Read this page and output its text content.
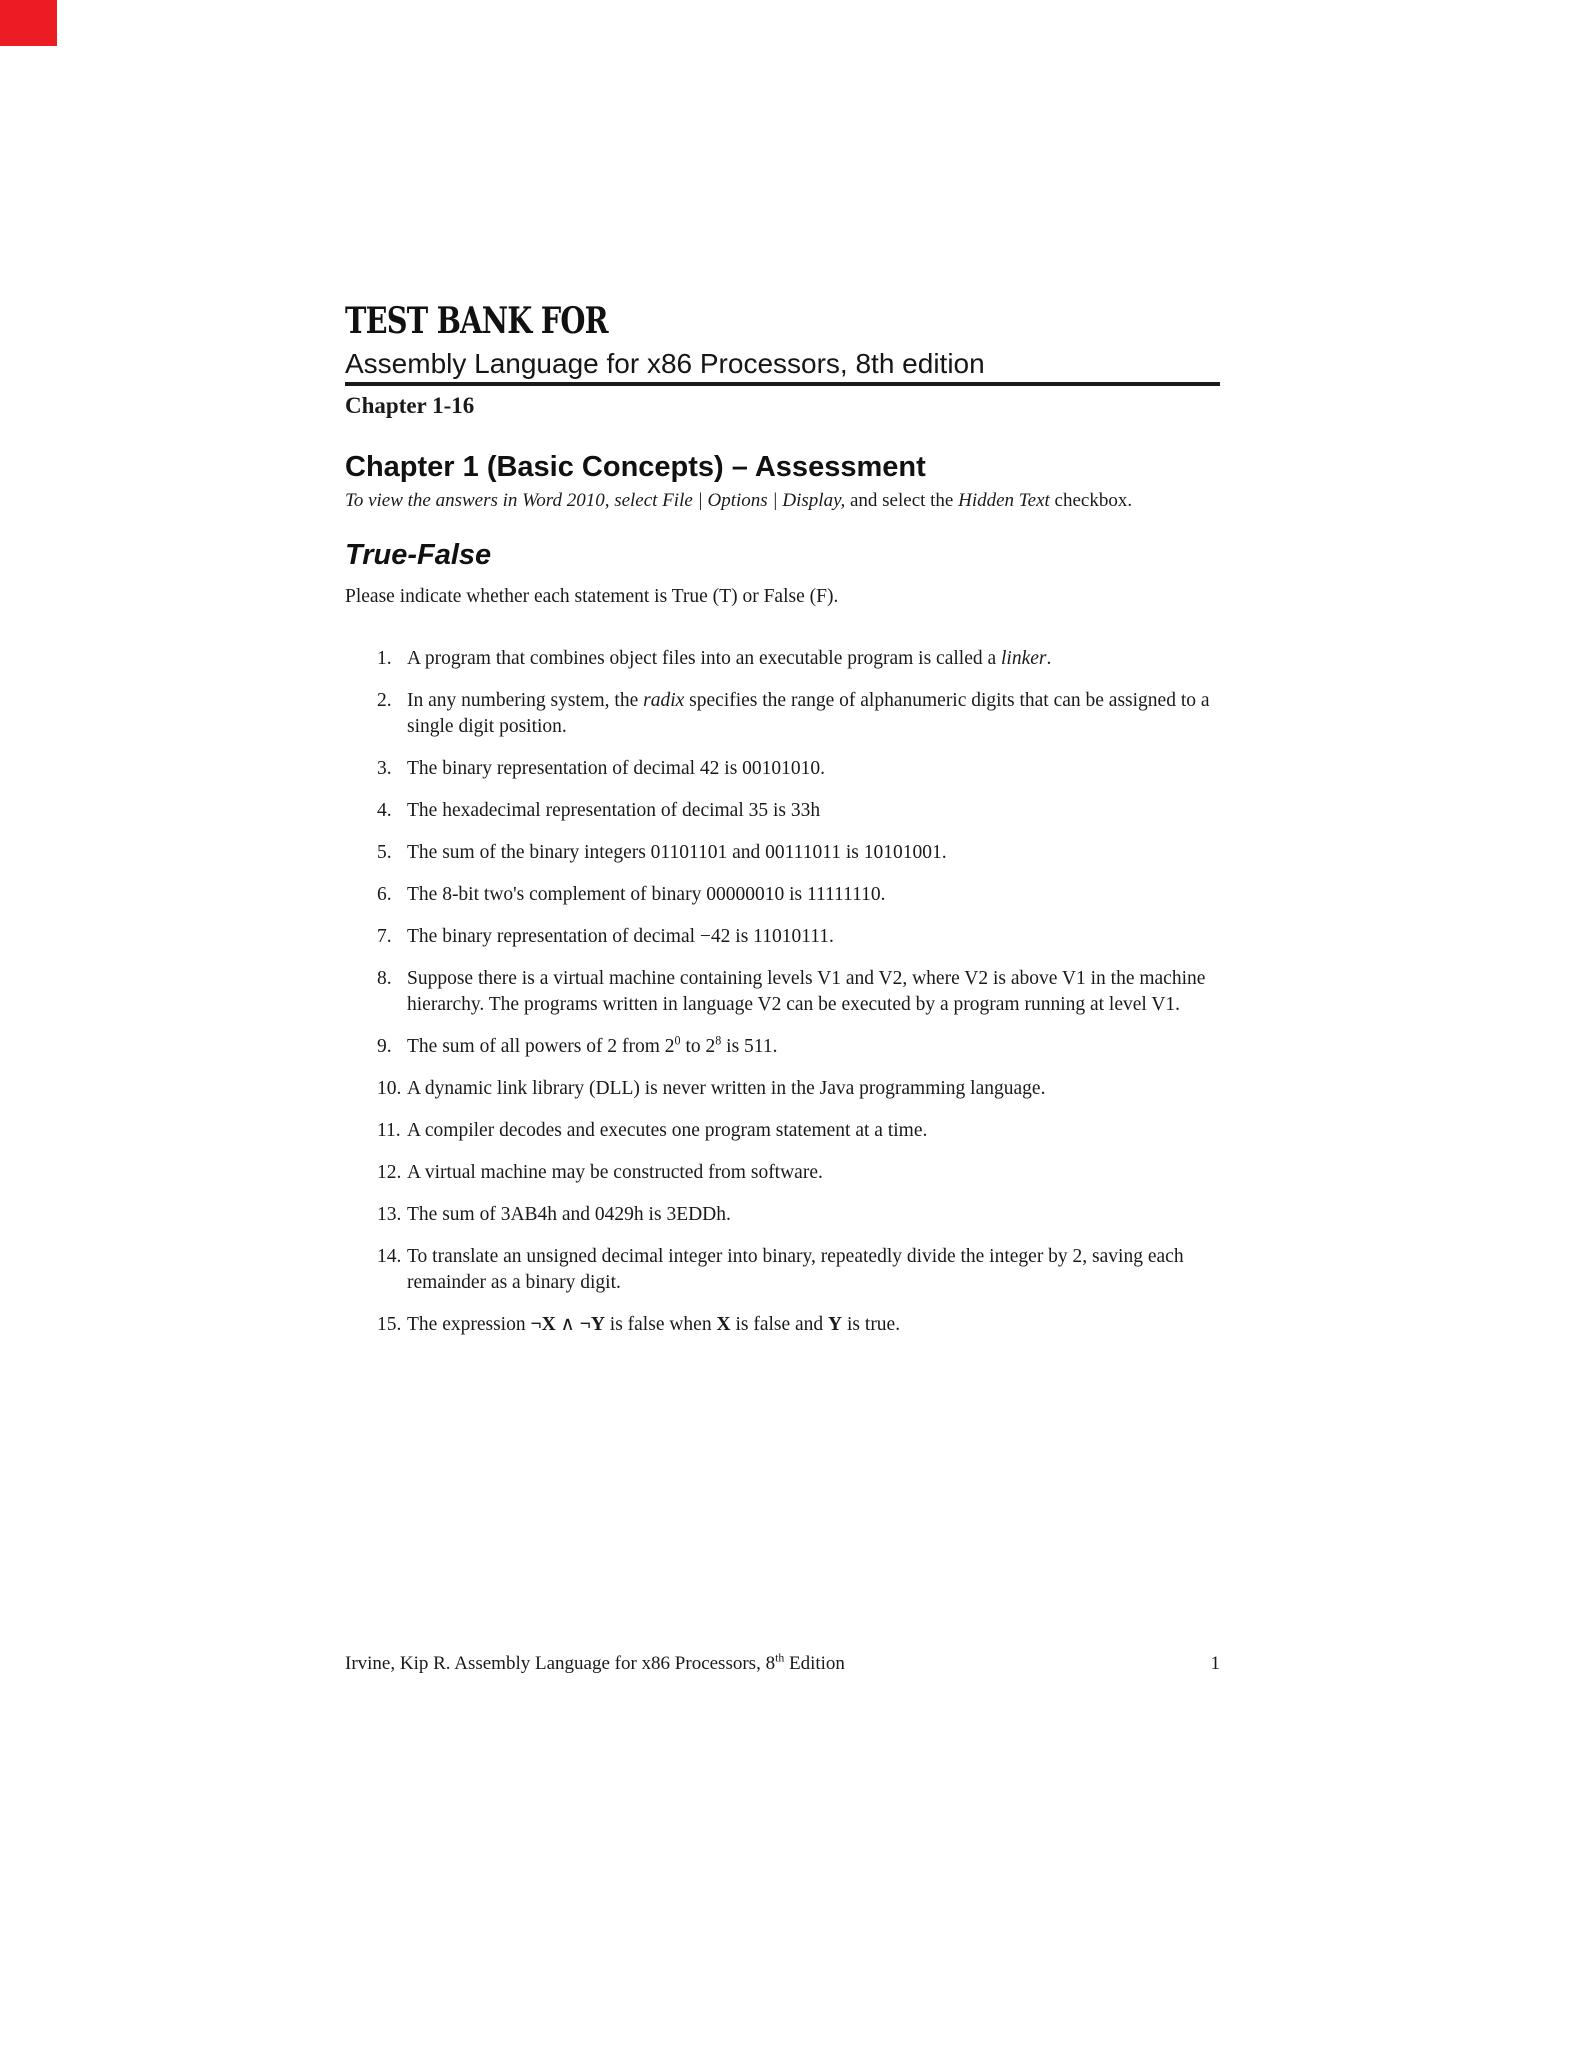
TEST BANK FOR
Assembly Language for x86 Processors, 8th edition
Chapter 1-16
Chapter 1 (Basic Concepts) – Assessment
To view the answers in Word 2010, select File | Options | Display, and select the Hidden Text checkbox.
True-False
Please indicate whether each statement is True (T) or False (F).
1. A program that combines object files into an executable program is called a linker.
2. In any numbering system, the radix specifies the range of alphanumeric digits that can be assigned to a single digit position.
3. The binary representation of decimal 42 is 00101010.
4. The hexadecimal representation of decimal 35 is 33h
5. The sum of the binary integers 01101101 and 00111011 is 10101001.
6. The 8-bit two's complement of binary 00000010 is 11111110.
7. The binary representation of decimal −42 is 11010111.
8. Suppose there is a virtual machine containing levels V1 and V2, where V2 is above V1 in the machine hierarchy. The programs written in language V2 can be executed by a program running at level V1.
9. The sum of all powers of 2 from $2^0$ to $2^8$ is 511.
10. A dynamic link library (DLL) is never written in the Java programming language.
11. A compiler decodes and executes one program statement at a time.
12. A virtual machine may be constructed from software.
13. The sum of 3AB4h and 0429h is 3EDDh.
14. To translate an unsigned decimal integer into binary, repeatedly divide the integer by 2, saving each remainder as a binary digit.
15. The expression ¬X ∧ ¬Y is false when X is false and Y is true.
Irvine, Kip R. Assembly Language for x86 Processors, 8th Edition	1
